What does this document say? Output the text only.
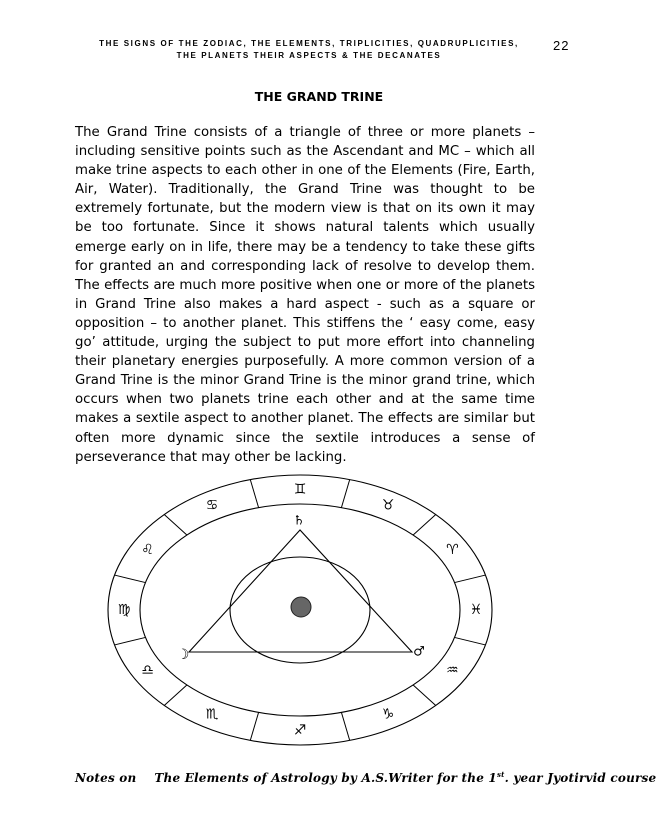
THE SIGNS OF THE ZODIAC, THE ELEMENTS, TRIPLICITIES, QUADRUPLICITIES,
THE PLANETS THEIR ASPECTS & THE DECANATES
22
THE GRAND TRINE

The Grand Trine consists of a triangle of three or more planets – including sensitive points such as the Ascendant and MC – which all make trine aspects to each other in one of the Elements (Fire, Earth, Air, Water). Traditionally, the Grand Trine was thought to be extremely fortunate, but the modern view is that on its own it may be too fortunate. Since it shows natural talents which usually emerge early on in life, there may be a tendency to take these gifts for granted an and corresponding lack of resolve to develop them. The effects are much more positive when one or more of the planets in Grand Trine also makes a hard aspect - such as a square or opposition – to another planet. This stiffens the ‘ easy come, easy go’ attitude, urging the subject to put more effort into channeling their planetary energies purposefully. A more common version of a Grand Trine is the minor Grand Trine is the minor grand trine, which occurs when two planets trine each other and at the same time makes a sextile aspect to another planet. The effects are similar but often more dynamic since the sextile introduces a sense of perseverance that may other be lacking.

♊
♉
♈
♓
♒
♑
♐
♏
♎
♍
♌
♋
♄
☽	♂
Notes on The Elements of Astrology by A.S.Writer for the 1st. year Jyotirvid course
